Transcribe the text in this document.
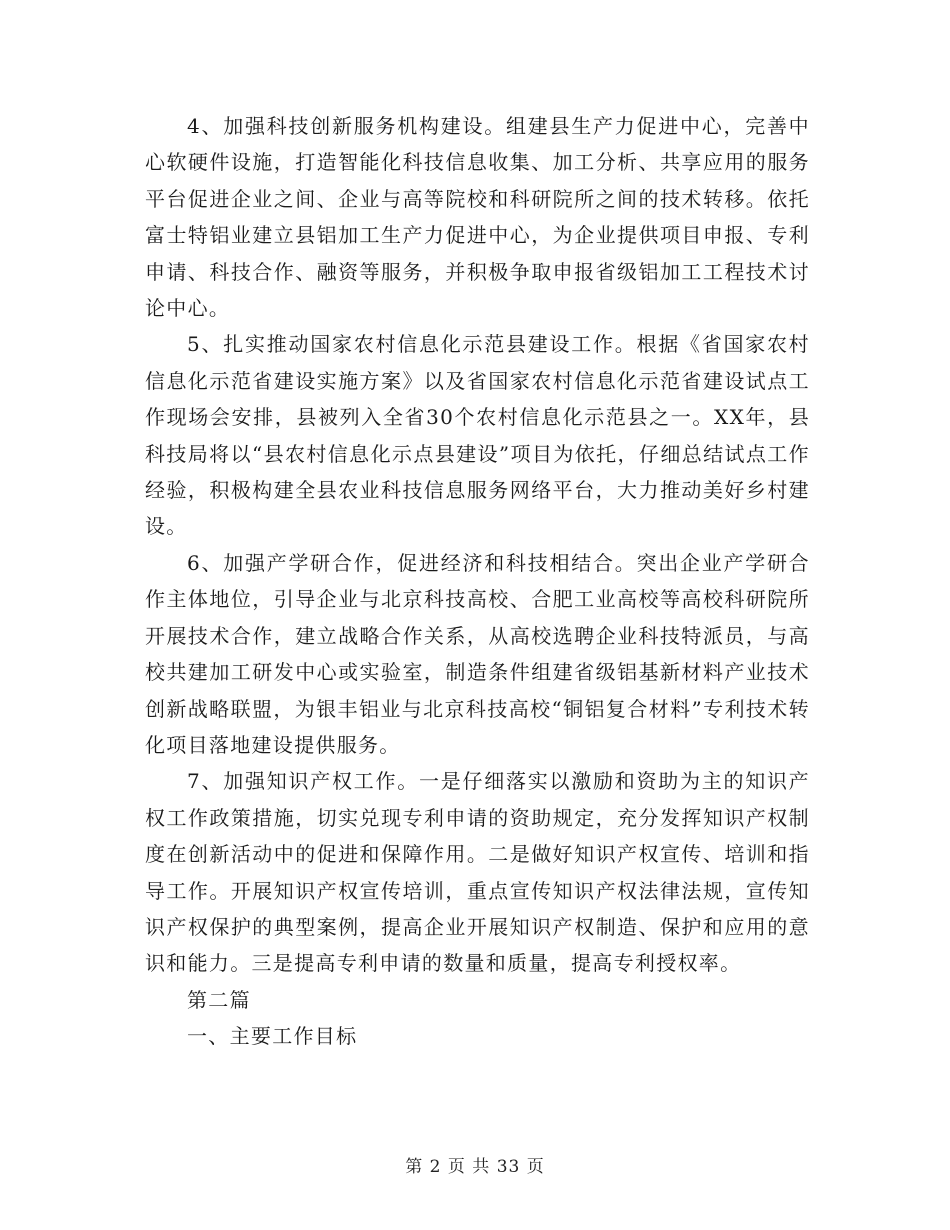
4、加强科技创新服务机构建设。组建县生产力促进中心，完善中心软硬件设施，打造智能化科技信息收集、加工分析、共享应用的服务平台促进企业之间、企业与高等院校和科研院所之间的技术转移。依托富士特铝业建立县铝加工生产力促进中心，为企业提供项目申报、专利申请、科技合作、融资等服务，并积极争取申报省级铝加工工程技术讨论中心。

5、扎实推动国家农村信息化示范县建设工作。根据《省国家农村信息化示范省建设实施方案》以及省国家农村信息化示范省建设试点工作现场会安排，县被列入全省30个农村信息化示范县之一。XX年，县科技局将以“县农村信息化示点县建设”项目为依托，仔细总结试点工作经验，积极构建全县农业科技信息服务网络平台，大力推动美好乡村建设。

6、加强产学研合作，促进经济和科技相结合。突出企业产学研合作主体地位，引导企业与北京科技高校、合肥工业高校等高校科研院所开展技术合作，建立战略合作关系，从高校选聘企业科技特派员，与高校共建加工研发中心或实验室，制造条件组建省级铝基新材料产业技术创新战略联盟，为银丰铝业与北京科技高校“铜铝复合材料”专利技术转化项目落地建设提供服务。

7、加强知识产权工作。一是仔细落实以激励和资助为主的知识产权工作政策措施，切实兑现专利申请的资助规定，充分发挥知识产权制度在创新活动中的促进和保障作用。二是做好知识产权宣传、培训和指导工作。开展知识产权宣传培训，重点宣传知识产权法律法规，宣传知识产权保护的典型案例，提高企业开展知识产权制造、保护和应用的意识和能力。三是提高专利申请的数量和质量，提高专利授权率。

第二篇

一、主要工作目标

第 2 页 共 33 页
